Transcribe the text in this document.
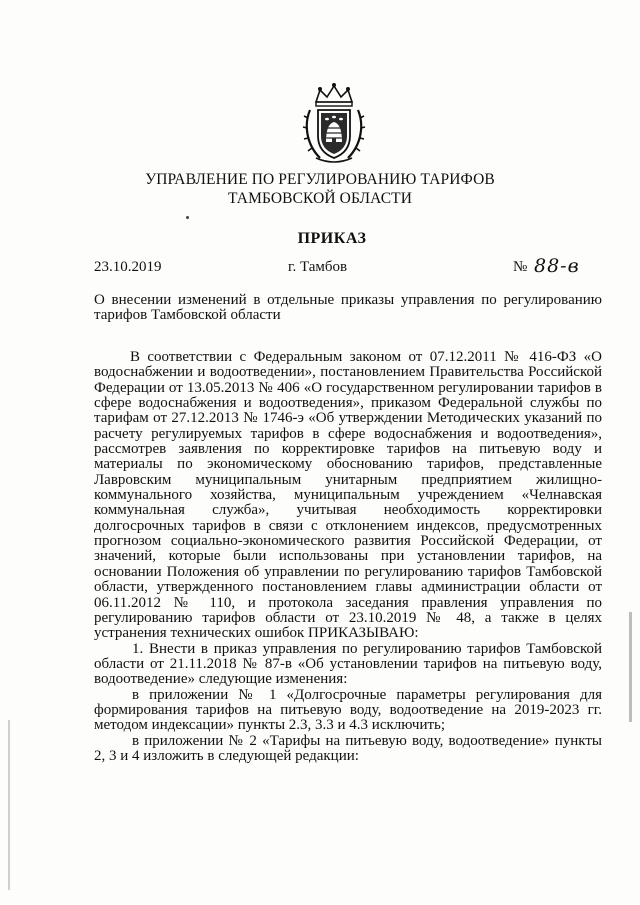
УПРАВЛЕНИЕ ПО РЕГУЛИРОВАНИЮ ТАРИФОВ
ТАМБОВСКОЙ ОБЛАСТИ
ПРИКАЗ
23.10.2019	г. Тамбов	№ 88-в
О внесении изменений в отдельные приказы управления по регулированию тарифов Тамбовской области

В соответствии с Федеральным законом от 07.12.2011 № 416-ФЗ «О водоснабжении и водоотведении», постановлением Правительства Российской Федерации от 13.05.2013 № 406 «О государственном регулировании тарифов в сфере водоснабжения и водоотведения», приказом Федеральной службы по тарифам от 27.12.2013 № 1746-э «Об утверждении Методических указаний по расчету регулируемых тарифов в сфере водоснабжения и водоотведения», рассмотрев заявления по корректировке тарифов на питьевую воду и материалы по экономическому обоснованию тарифов, представленные Лавровским муниципальным унитарным предприятием жилищно-коммунального хозяйства, муниципальным учреждением «Челнавская коммунальная служба», учитывая необходимость корректировки долгосрочных тарифов в связи с отклонением индексов, предусмотренных прогнозом социально-экономического развития Российской Федерации, от значений, которые были использованы при установлении тарифов, на основании Положения об управлении по регулированию тарифов Тамбовской области, утвержденного постановлением главы администрации области от 06.11.2012 № 110, и протокола заседания правления управления по регулированию тарифов области от 23.10.2019 № 48, а также в целях устранения технических ошибок ПРИКАЗЫВАЮ:

1. Внести в приказ управления по регулированию тарифов Тамбовской области от 21.11.2018 № 87-в «Об установлении тарифов на питьевую воду, водоотведение» следующие изменения:

в приложении № 1 «Долгосрочные параметры регулирования для формирования тарифов на питьевую воду, водоотведение на 2019-2023 гг. методом индексации» пункты 2.3, 3.3 и 4.3 исключить;

в приложении № 2 «Тарифы на питьевую воду, водоотведение» пункты 2, 3 и 4 изложить в следующей редакции:
